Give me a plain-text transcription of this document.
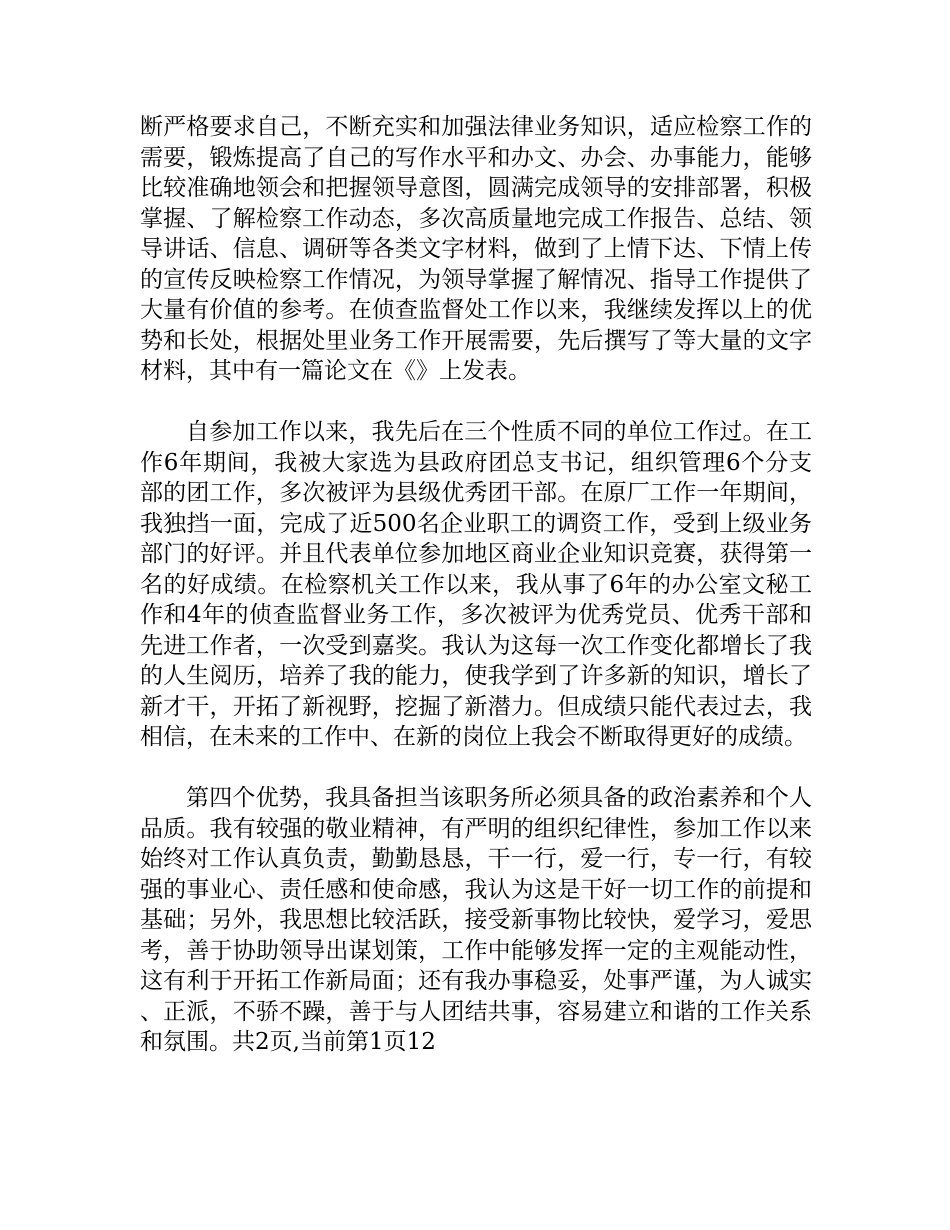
断严格要求自己，不断充实和加强法律业务知识，适应检察工作的需要，锻炼提高了自己的写作水平和办文、办会、办事能力，能够比较准确地领会和把握领导意图，圆满完成领导的安排部署，积极掌握、了解检察工作动态，多次高质量地完成工作报告、总结、领导讲话、信息、调研等各类文字材料，做到了上情下达、下情上传的宣传反映检察工作情况，为领导掌握了解情况、指导工作提供了大量有价值的参考。在侦查监督处工作以来，我继续发挥以上的优势和长处，根据处里业务工作开展需要，先后撰写了等大量的文字材料，其中有一篇论文在《》上发表。

自参加工作以来，我先后在三个性质不同的单位工作过。在工作6年期间，我被大家选为县政府团总支书记，组织管理6个分支部的团工作，多次被评为县级优秀团干部。在原厂工作一年期间，我独挡一面，完成了近500名企业职工的调资工作，受到上级业务部门的好评。并且代表单位参加地区商业企业知识竞赛，获得第一名的好成绩。在检察机关工作以来，我从事了6年的办公室文秘工作和4年的侦查监督业务工作，多次被评为优秀党员、优秀干部和先进工作者，一次受到嘉奖。我认为这每一次工作变化都增长了我的人生阅历，培养了我的能力，使我学到了许多新的知识，增长了新才干，开拓了新视野，挖掘了新潜力。但成绩只能代表过去，我相信，在未来的工作中、在新的岗位上我会不断取得更好的成绩。

第四个优势，我具备担当该职务所必须具备的政治素养和个人品质。我有较强的敬业精神，有严明的组织纪律性，参加工作以来始终对工作认真负责，勤勤恳恳，干一行，爱一行，专一行，有较强的事业心、责任感和使命感，我认为这是干好一切工作的前提和基础；另外，我思想比较活跃，接受新事物比较快，爱学习，爱思考，善于协助领导出谋划策，工作中能够发挥一定的主观能动性，这有利于开拓工作新局面；还有我办事稳妥，处事严谨，为人诚实、正派，不骄不躁，善于与人团结共事，容易建立和谐的工作关系和氛围。共2页,当前第1页12
